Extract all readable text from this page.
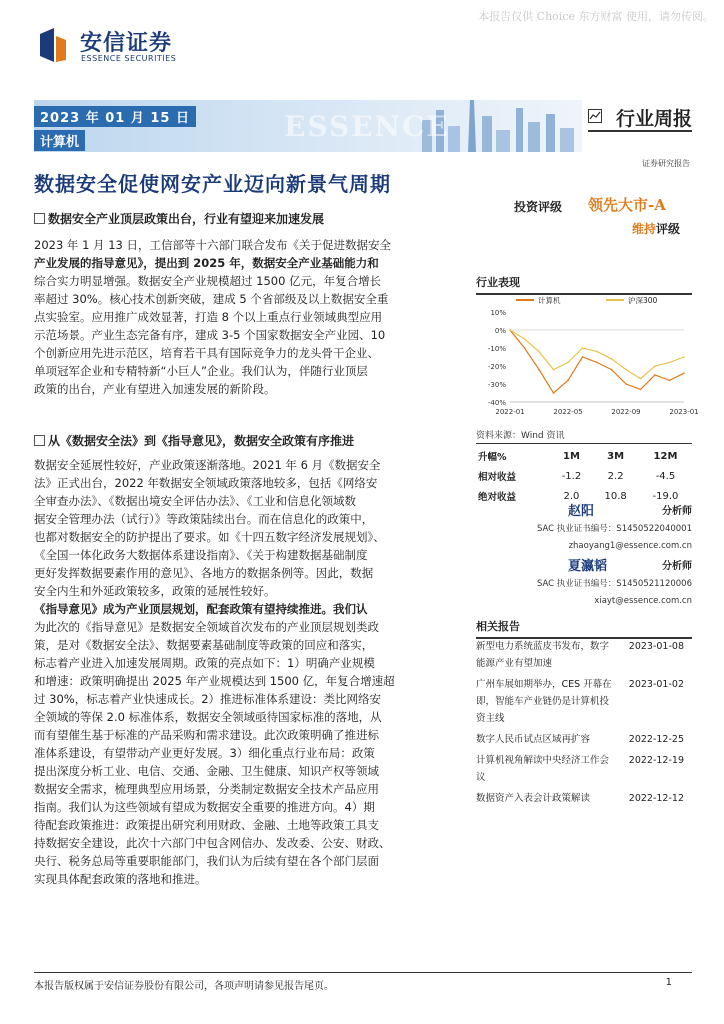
本报告仅供 Choice 东方财富 使用，请勿传阅。
安信证券
ESSENCE SECURITIES
ESSENCE
2023 年 01 月 15 日
计算机
行业周报
证券研究报告
数据安全促使网安产业迈向新景气周期
投资评级 领先大市-A
维持评级
数据安全产业顶层政策出台，行业有望迎来加速发展
2023 年 1 月 13 日，工信部等十六部门联合发布《关于促进数据安全
产业发展的指导意见》，提出到 2025 年，数据安全产业基础能力和
综合实力明显增强。数据安全产业规模超过 1500 亿元，年复合增长
率超过 30%。核心技术创新突破，建成 5 个省部级及以上数据安全重
点实验室。应用推广成效显著，打造 8 个以上重点行业领域典型应用
示范场景。产业生态完备有序，建成 3-5 个国家数据安全产业园、10
个创新应用先进示范区，培育若干具有国际竞争力的龙头骨干企业、
单项冠军企业和专精特新“小巨人”企业。我们认为，伴随行业顶层
政策的出台，产业有望进入加速发展的新阶段。
从《数据安全法》到《指导意见》，数据安全政策有序推进
数据安全延展性较好，产业政策逐渐落地。2021 年 6 月《数据安全
法》正式出台，2022 年数据安全领域政策落地较多，包括《网络安
全审查办法》、《数据出境安全评估办法》、《工业和信息化领域数
据安全管理办法（试行）》等政策陆续出台。而在信息化的政策中，
也都对数据安全的防护提出了要求。如《十四五数字经济发展规划》、
《全国一体化政务大数据体系建设指南》、《关于构建数据基础制度
更好发挥数据要素作用的意见》、各地方的数据条例等。因此，数据
安全内生和外延政策较多，政策的延展性较好。
《指导意见》成为产业顶层规划，配套政策有望持续推进。我们认
为此次的《指导意见》是数据安全领域首次发布的产业顶层规划类政
策，是对《数据安全法》、数据要素基础制度等政策的回应和落实，
标志着产业进入加速发展周期。政策的亮点如下：1）明确产业规模
和增速：政策明确提出 2025 年产业规模达到 1500 亿，年复合增速超
过 30%，标志着产业快速成长。2）推进标准体系建设：类比网络安
全领域的等保 2.0 标准体系，数据安全领域亟待国家标准的落地，从
而有望催生基于标准的产品采购和需求建设。此次政策明确了推进标
准体系建设，有望带动产业更好发展。3）细化重点行业布局：政策
提出深度分析工业、电信、交通、金融、卫生健康、知识产权等领域
数据安全需求，梳理典型应用场景，分类制定数据安全技术产品应用
指南。我们认为这些领域有望成为数据安全重要的推进方向。4）期
待配套政策推进：政策提出研究利用财政、金融、土地等政策工具支
持数据安全建设，此次十六部门中包含网信办、发改委、公安、财政、
央行、税务总局等重要职能部门，我们认为后续有望在各个部门层面
实现具体配套政策的落地和推进。
行业表现
10%
0%
-10%
-20%
-30%
-40%
2022-01	2022-05	2022-09	2023-01
计算机	沪深300
资料来源：Wind 资讯
升幅%	1M	3M	12M
相对收益	-1.2	2.2	-4.5
绝对收益	2.0	10.8	-19.0
赵阳	分析师
SAC 执业证书编号：S1450522040001
zhaoyang1@essence.com.cn
夏瀛韬	分析师
SAC 执业证书编号：S1450521120006
xiayt@essence.com.cn
相关报告
新型电力系统蓝皮书发布，数字能源产业有望加速
2023-01-08
广州车展如期举办，CES 开幕在即，智能车产业链仍是计算机投资主线
2023-01-02
数字人民币试点区域再扩容	2022-12-25
计算机视角解读中央经济工作会议
2022-12-19
数据资产入表会计政策解读	2022-12-12
本报告版权属于安信证券股份有限公司，各项声明请参见报告尾页。	1
